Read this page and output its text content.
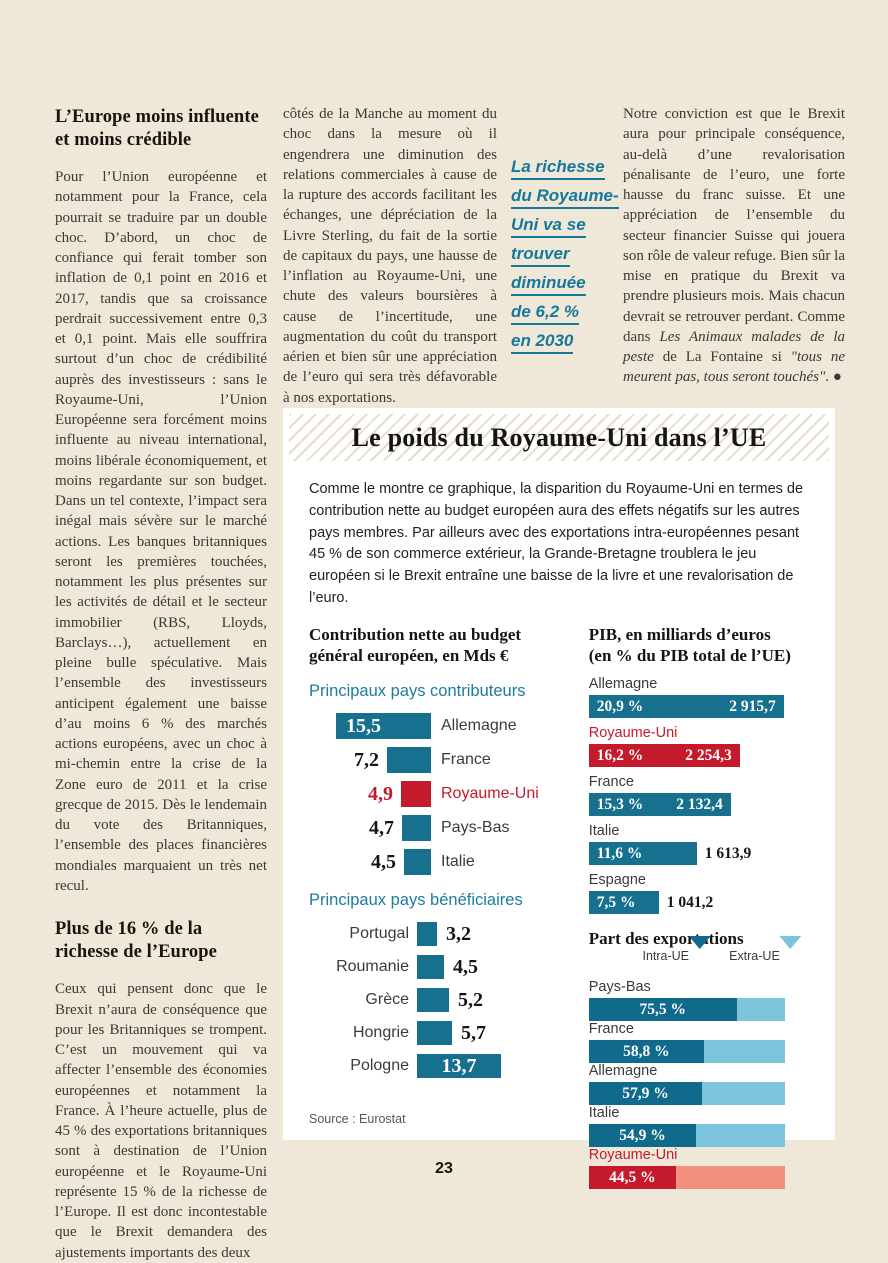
L’Europe moins influente et moins crédible

Pour l’Union européenne et notamment pour la France, cela pourrait se traduire par un double choc. D’abord, un choc de confiance qui ferait tomber son inflation de 0,1 point en 2016 et 2017, tandis que sa croissance perdrait successivement entre 0,3 et 0,1 point. Mais elle souffrira surtout d’un choc de crédibilité auprès des investisseurs : sans le Royaume-Uni, l’Union Européenne sera forcément moins influente au niveau international, moins libérale économiquement, et moins regardante sur son budget. Dans un tel contexte, l’impact sera inégal mais sévère sur le marché actions. Les banques britanniques seront les premières touchées, notamment les plus présentes sur les activités de détail et le secteur immobilier (RBS, Lloyds, Barclays…), actuellement en pleine bulle spéculative. Mais l’ensemble des investisseurs anticipent également une baisse d’au moins 6 % des marchés actions européens, avec un choc à mi-chemin entre la crise de la Zone euro de 2011 et la crise grecque de 2015. Dès le lendemain du vote des Britanniques, l’ensemble des places financières mondiales marquaient un très net recul.

Plus de 16 % de la richesse de l’Europe

Ceux qui pensent donc que le Brexit n’aura de conséquence que pour les Britanniques se trompent. C’est un mouvement qui va affecter l’ensemble des économies européennes et notamment la France. À l’heure actuelle, plus de 45 % des exportations britanniques sont à destination de l’Union européenne et le Royaume-Uni représente 15 % de la richesse de l’Europe. Il est donc incontestable que le Brexit demandera des ajustements importants des deux

côtés de la Manche au moment du choc dans la mesure où il engendrera une diminution des relations commerciales à cause de la rupture des accords facilitant les échanges, une dépréciation de la Livre Sterling, du fait de la sortie de capitaux du pays, une hausse de l’inflation au Royaume-Uni, une chute des valeurs boursières à cause de l’incertitude, une augmentation du coût du transport aérien et bien sûr une appréciation de l’euro qui sera très défavorable à nos exportations.

La richesse
du Royaume-
Uni va se
trouver
diminuée
de 6,2 %
en 2030

Notre conviction est que le Brexit aura pour principale conséquence, au-delà d’une revalorisation pénalisante de l’euro, une forte hausse du franc suisse. Et une appréciation de l’ensemble du secteur financier Suisse qui jouera son rôle de valeur refuge. Bien sûr la mise en pratique du Brexit va prendre plusieurs mois. Mais chacun devrait se retrouver perdant. Comme dans Les Animaux malades de la peste de La Fontaine si "tous ne meurent pas, tous seront touchés". ●

Le poids du Royaume-Uni dans l’UE

Comme le montre ce graphique, la disparition du Royaume-Uni en termes de contribution nette au budget européen aura des effets négatifs sur les autres pays membres. Par ailleurs avec des exportations intra-européennes pesant 45 % de son commerce extérieur, la Grande-Bretagne troublera le jeu européen si le Brexit entraîne une baisse de la livre et une revalorisation de l’euro.

Contribution nette au budget
général européen, en Mds €

Principaux pays contributeurs

15,5	Allemagne
7,2	France
4,9	Royaume-Uni
4,7	Pays-Bas
4,5	Italie

Principaux pays bénéficiaires

Portugal 3,2
Roumanie 4,5
Grèce 5,2
Hongrie	5,7
Pologne	13,7

Source : Eurostat

PIB, en milliards d’euros
(en % du PIB total de l’UE)

Allemagne
20,9 %	2 915,7
Royaume-Uni
16,2 %	2 254,3
France
15,3 % 2 132,4
Italie
11,6 %	1 613,9
Espagne
7,5 % 1 041,2

Part des exportations

Intra-UE	Extra-UE
Pays-Bas
75,5 %
France
58,8 %
Allemagne
57,9 %
Italie
54,9 %
Royaume-Uni
44,5 %
23
